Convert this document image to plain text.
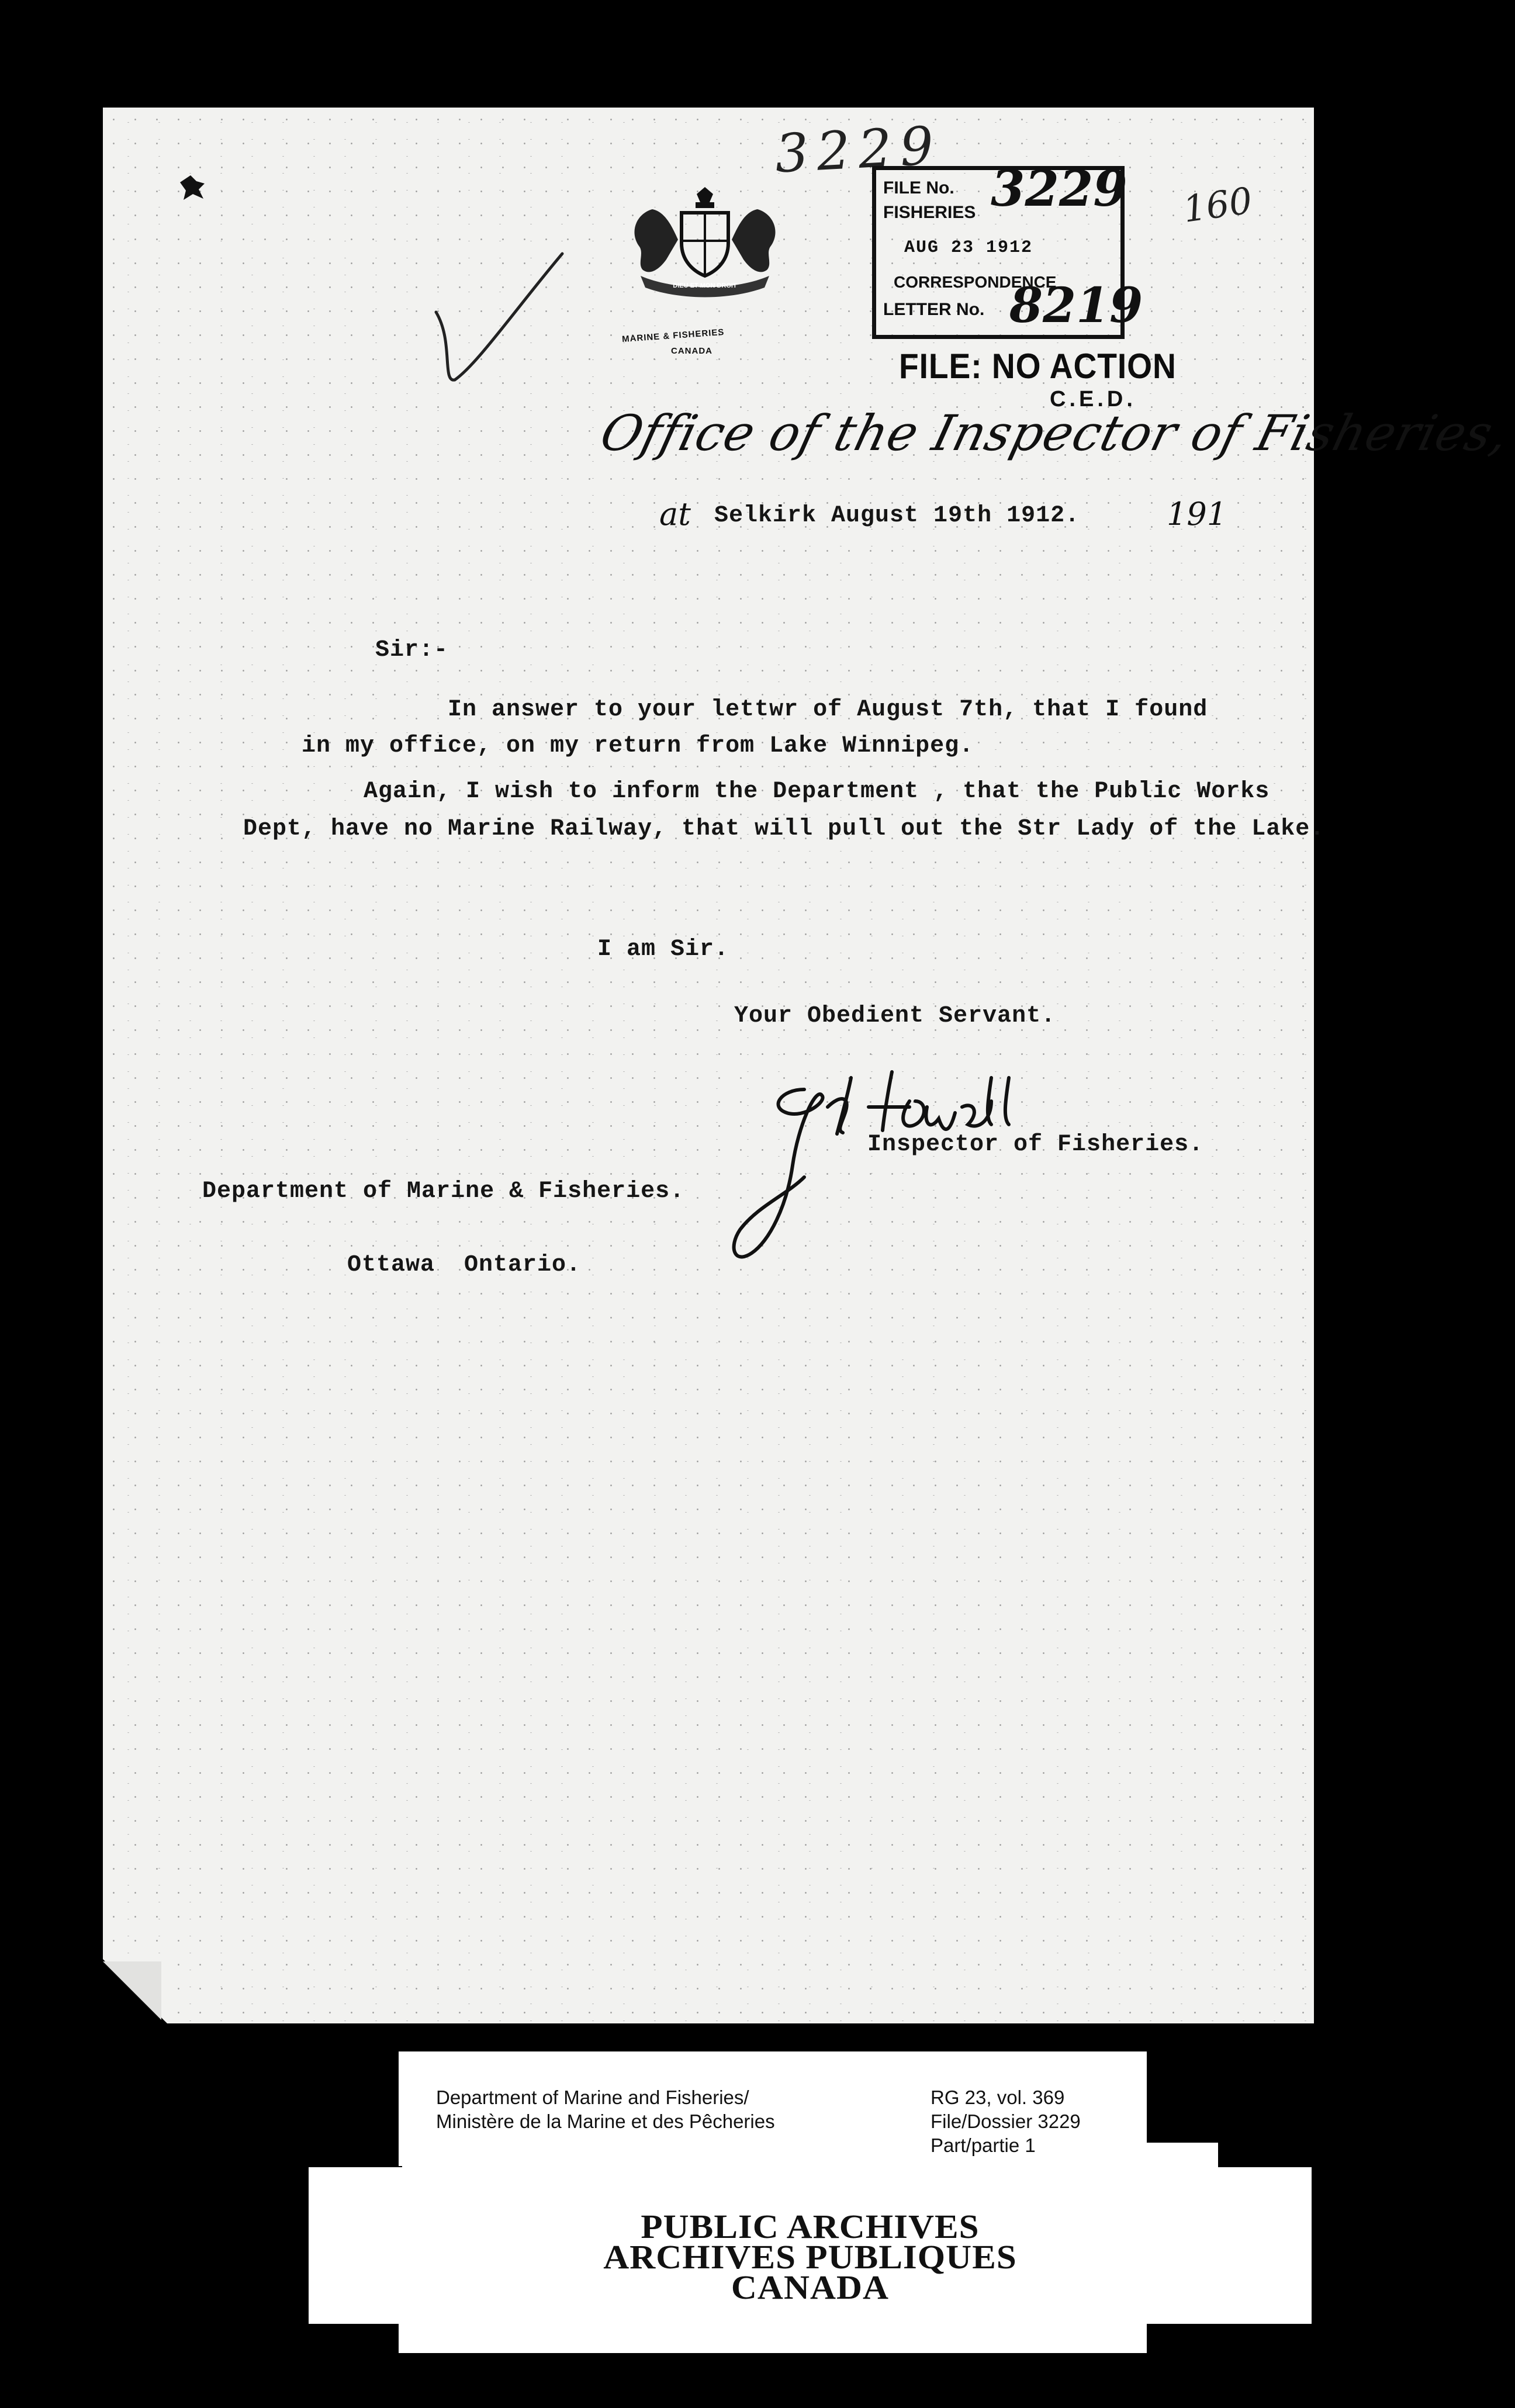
3229
160
DIEU ET MON DROIT
MARINE & FISHERIES
CANADA
FILE No. 3229
FISHERIES
AUG 23 1912
CORRESPONDENCE
LETTER No. 8219
FILE: NO ACTION
C.E.D.
Office of the Inspector of Fisheries,
at Selkirk August 19th 1912.	191
Sir:-
In answer to your lettwr of August 7th, that I found
in my office, on my return from Lake Winnipeg.
Again, I wish to inform the Department , that the Public Works
Dept, have no Marine Railway, that will pull out the Str Lady of the Lake.
I am Sir.
Your Obedient Servant.
Inspector of Fisheries.
Department of Marine & Fisheries.
Ottawa  Ontario.
PUBLIC ARCHIVES
ARCHIVES PUBLIQUES
CANADA
Department of Marine and Fisheries/
Ministère de la Marine et des Pêcheries
RG 23, vol. 369
File/Dossier 3229
Part/partie 1
